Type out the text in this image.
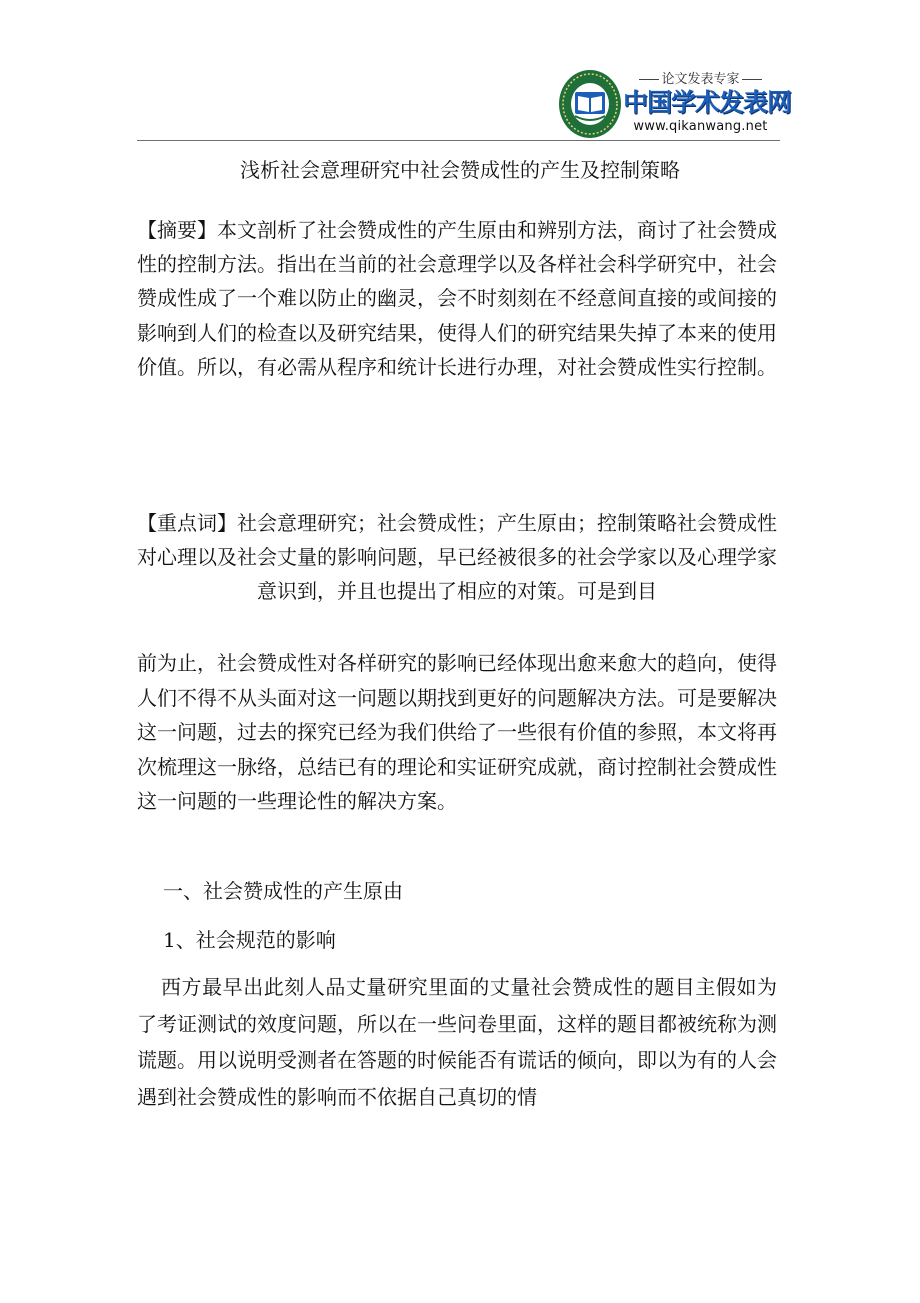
论文发表专家
中国学术发表网
www.qikanwang.net
浅析社会意理研究中社会赞成性的产生及控制策略
【摘要】本文剖析了社会赞成性的产生原由和辨别方法，商讨了社会赞成性的控制方法。指出在当前的社会意理学以及各样社会科学研究中，社会赞成性成了一个难以防止的幽灵，会不时刻刻在不经意间直接的或间接的影响到人们的检查以及研究结果，使得人们的研究结果失掉了本来的使用价值。所以，有必需从程序和统计长进行办理，对社会赞成性实行控制。
【重点词】社会意理研究；社会赞成性；产生原由；控制策略社会赞成性对心理以及社会丈量的影响问题，早已经被很多的社会学家以及心理学家意识到，并且也提出了相应的对策。可是到目
前为止，社会赞成性对各样研究的影响已经体现出愈来愈大的趋向，使得人们不得不从头面对这一问题以期找到更好的问题解决方法。可是要解决这一问题，过去的探究已经为我们供给了一些很有价值的参照，本文将再次梳理这一脉络，总结已有的理论和实证研究成就，商讨控制社会赞成性这一问题的一些理论性的解决方案。
一、社会赞成性的产生原由
1、社会规范的影响
西方最早出此刻人品丈量研究里面的丈量社会赞成性的题目主假如为了考证测试的效度问题，所以在一些问卷里面，这样的题目都被统称为测谎题。用以说明受测者在答题的时候能否有谎话的倾向，即以为有的人会遇到社会赞成性的影响而不依据自己真切的情
